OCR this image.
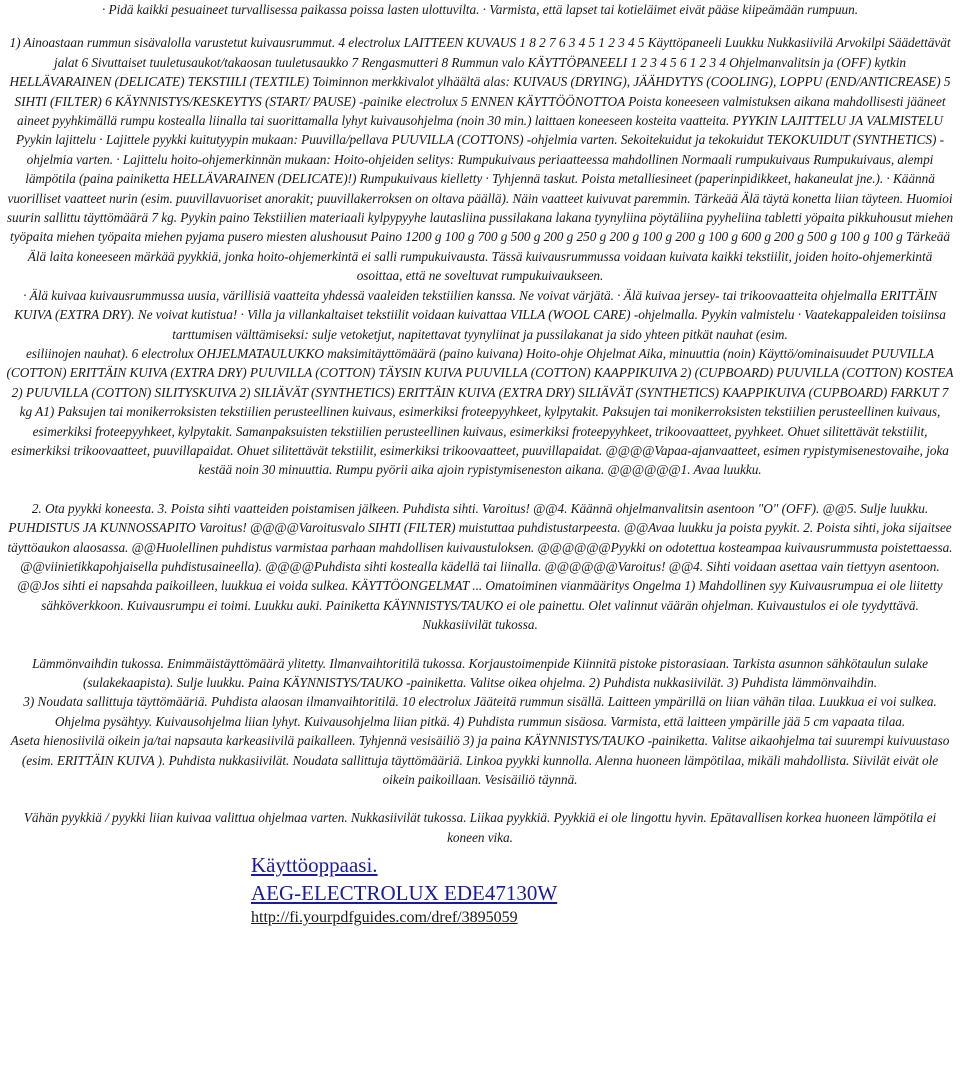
· Pidä kaikki pesuaineet turvallisessa paikassa poissa lasten ulottuvilta. · Varmista, että lapset tai kotieläimet eivät pääse kiipeämään rumpuun.

1) Ainoastaan rummun sisävalolla varustetut kuivausrummut. 4 electrolux LAITTEEN KUVAUS 1 8 2 7 6 3 4 5 1 2 3 4 5 Käyttöpaneeli Luukku Nukkasiivilä Arvokilpi Säädettävät jalat 6 Sivuttaiset tuuletusaukot/takaosan tuuletusaukko 7 Rengasmutteri 8 Rummun valo KÄYTTÖPANEELI 1 2 3 4 5 6 1 2 3 4 Ohjelmanvalitsin ja (OFF) kytkin HELLÄVARAINEN (DELICATE) TEKSTIILI (TEXTILE) Toiminnon merkkivalot ylhäältä alas: KUIVAUS (DRYING), JÄÄHDYTYS (COOLING), LOPPU (END/ANTICREASE) 5 SIHTI (FILTER) 6 KÄYNNISTYS/KESKEYTYS (START/ PAUSE) -painike electrolux 5 ENNEN KÄYTTÖÖNOTTOA Poista koneeseen valmistuksen aikana mahdollisesti jääneet aineet pyyhkimällä rumpu kostealla liinalla tai suorittamalla lyhyt kuivausohjelma (noin 30 min.) laittaen koneeseen kosteita vaatteita. PYYKIN LAJITTELU JA VALMISTELU Pyykin lajittelu · Lajittele pyykki kuitutyypin mukaan: Puuvilla/pellava PUUVILLA (COTTONS) -ohjelmia varten. Sekoitekuidut ja tekokuidut TEKOKUIDUT (SYNTHETICS) -ohjelmia varten. · Lajittelu hoito-ohjemerkinnän mukaan: Hoito-ohjeiden selitys: Rumpukuivaus periaatteessa mahdollinen Normaali rumpukuivaus Rumpukuivaus, alempi lämpötila (paina painiketta HELLÄVARAINEN (DELICATE)!) Rumpukuivaus kielletty · Tyhjennä taskut. Poista metalliesineet (paperinpidikkeet, hakaneulat jne.). · Käännä vuorilliset vaatteet nurin (esim. puuvillavuoriset anorakit; puuvillakerroksen on oltava päällä). Näin vaatteet kuivuvat paremmin. Tärkeää Älä täytä konetta liian täyteen. Huomioi suurin sallittu täyttömäärä 7 kg. Pyykin paino Tekstiilien materiaali kylpypyyhe lautasliina pussilakana lakana tyynyliina pöytäliina pyyheliina tabletti yöpaita pikkuhousut miehen työpaita miehen työpaita miehen pyjama pusero miesten alushousut Paino 1200 g 100 g 700 g 500 g 200 g 250 g 200 g 100 g 200 g 100 g 600 g 200 g 500 g 100 g 100 g Tärkeää Älä laita koneeseen märkää pyykkiä, jonka hoito-ohjemerkintä ei salli rumpukuivausta. Tässä kuivausrummussa voidaan kuivata kaikki tekstiilit, joiden hoito-ohjemerkintä osoittaa, että ne soveltuvat rumpukuivaukseen.

· Älä kuivaa kuivausrummussa uusia, värillisiä vaatteita yhdessä vaaleiden tekstiilien kanssa. Ne voivat värjätä. · Älä kuivaa jersey- tai trikoovaatteita ohjelmalla ERITTÄIN KUIVA (EXTRA DRY). Ne voivat kutistua! · Villa ja villankaltaiset tekstiilit voidaan kuivattaa VILLA (WOOL CARE) -ohjelmalla. Pyykin valmistelu · Vaatekappaleiden toisiinsa tarttumisen välttämiseksi: sulje vetoketjut, napitettavat tyynyliinat ja pussilakanat ja sido yhteen pitkät nauhat (esim.

esiliinojen nauhat). 6 electrolux OHJELMATAULUKKO maksimitäyttömäärä (paino kuivana) Hoito-ohje Ohjelmat Aika, minuuttia (noin) Käyttö/ominaisuudet PUUVILLA (COTTON) ERITTÄIN KUIVA (EXTRA DRY) PUUVILLA (COTTON) TÄYSIN KUIVA PUUVILLA (COTTON) KAAPPIKUIVA 2) (CUPBOARD) PUUVILLA (COTTON) KOSTEA 2) PUUVILLA (COTTON) SILITYSKUIVA 2) SILIÄVÄT (SYNTHETICS) ERITTÄIN KUIVA (EXTRA DRY) SILIÄVÄT (SYNTHETICS) KAAPPIKUIVA (CUPBOARD) FARKUT 7 kg A1) Paksujen tai monikerroksisten tekstiilien perusteellinen kuivaus, esimerkiksi froteepyyhkeet, kylpytakit. Paksujen tai monikerroksisten tekstiilien perusteellinen kuivaus, esimerkiksi froteepyyhkeet, kylpytakit. Samanpaksuisten tekstiilien perusteellinen kuivaus, esimerkiksi froteepyyhkeet, trikoovaatteet, pyyhkeet. Ohuet silitettävät tekstiilit, esimerkiksi trikoovaatteet, puuvillapaidat. Ohuet silitettävät tekstiilit, esimerkiksi trikoovaatteet, puuvillapaidat. @@@@Vapaa-ajanvaatteet, esimen rypistymisenestovaihe, joka kestää noin 30 minuuttia. Rumpu pyörii aika ajoin rypistymiseneston aikana. @@@@@@1. Avaa luukku.

2. Ota pyykki koneesta. 3. Poista sihti vaatteiden poistamisen jälkeen. Puhdista sihti. Varoitus! @@4. Käännä ohjelmanvalitsin asentoon "O" (OFF). @@5. Sulje luukku. PUHDISTUS JA KUNNOSSAPITO Varoitus! @@@@Varoitusvalo SIHTI (FILTER) muistuttaa puhdistustarpeesta. @@Avaa luukku ja poista pyykit. 2. Poista sihti, joka sijaitsee täyttöaukon alaosassa. @@Huolellinen puhdistus varmistaa parhaan mahdollisen kuivaustuloksen. @@@@@@Pyykki on odotettua kosteampaa kuivausrummusta poistettaessa. @@viinietikkapohjaisella puhdistusaineella). @@@@Puhdista sihti kostealla kädellä tai liinalla. @@@@@@Varoitus! @@4. Sihti voidaan asettaa vain tiettyyn asentoon. @@Jos sihti ei napsahda paikoilleen, luukkua ei voida sulkea. KÄYTTÖONGELMAT ... Omatoiminen vianmääritys Ongelma 1) Mahdollinen syy Kuivausrumpua ei ole liitetty sähköverkkoon. Kuivausrumpu ei toimi. Luukku auki. Painiketta KÄYNNISTYS/TAUKO ei ole painettu. Olet valinnut väärän ohjelman. Kuivaustulos ei ole tyydyttävä. Nukkasiivilät tukossa.

Lämmönvaihdin tukossa. Enimmäistäyttömäärä ylitetty. Ilmanvaihtoritilä tukossa. Korjaustoimenpide Kiinnitä pistoke pistorasiaan. Tarkista asunnon sähkötaulun sulake (sulakekaapista). Sulje luukku. Paina KÄYNNISTYS/TAUKO -painiketta. Valitse oikea ohjelma. 2) Puhdista nukkasiivilät. 3) Puhdista lämmönvaihdin.

3) Noudata sallittuja täyttömääriä. Puhdista alaosan ilmanvaihtoritilä. 10 electrolux Jääteitä rummun sisällä. Laitteen ympärillä on liian vähän tilaa. Luukkua ei voi sulkea.

Ohjelma pysähtyy. Kuivausohjelma liian lyhyt. Kuivausohjelma liian pitkä. 4) Puhdista rummun sisäosa. Varmista, että laitteen ympärille jää 5 cm vapaata tilaa.

Aseta hienosiivilä oikein ja/tai napsauta karkeasiivilä paikalleen. Tyhjennä vesisäiliö 3) ja paina KÄYNNISTYS/TAUKO -painiketta. Valitse aikaohjelma tai suurempi kuivuustaso (esim. ERITTÄIN KUIVA ). Puhdista nukkasiivilät. Noudata sallittuja täyttömääriä. Linkoa pyykki kunnolla. Alenna huoneen lämpötilaa, mikäli mahdollista. Siivilät eivät ole oikein paikoillaan. Vesisäiliö täynnä.

Vähän pyykkiä / pyykki liian kuivaa valittua ohjelmaa varten. Nukkasiivilät tukossa. Liikaa pyykkiä. Pyykkiä ei ole lingottu hyvin. Epätavallisen korkea huoneen lämpötila ei koneen vika.

Käyttöoppaasi.
AEG-ELECTROLUX EDE47130W
http://fi.yourpdfguides.com/dref/3895059
